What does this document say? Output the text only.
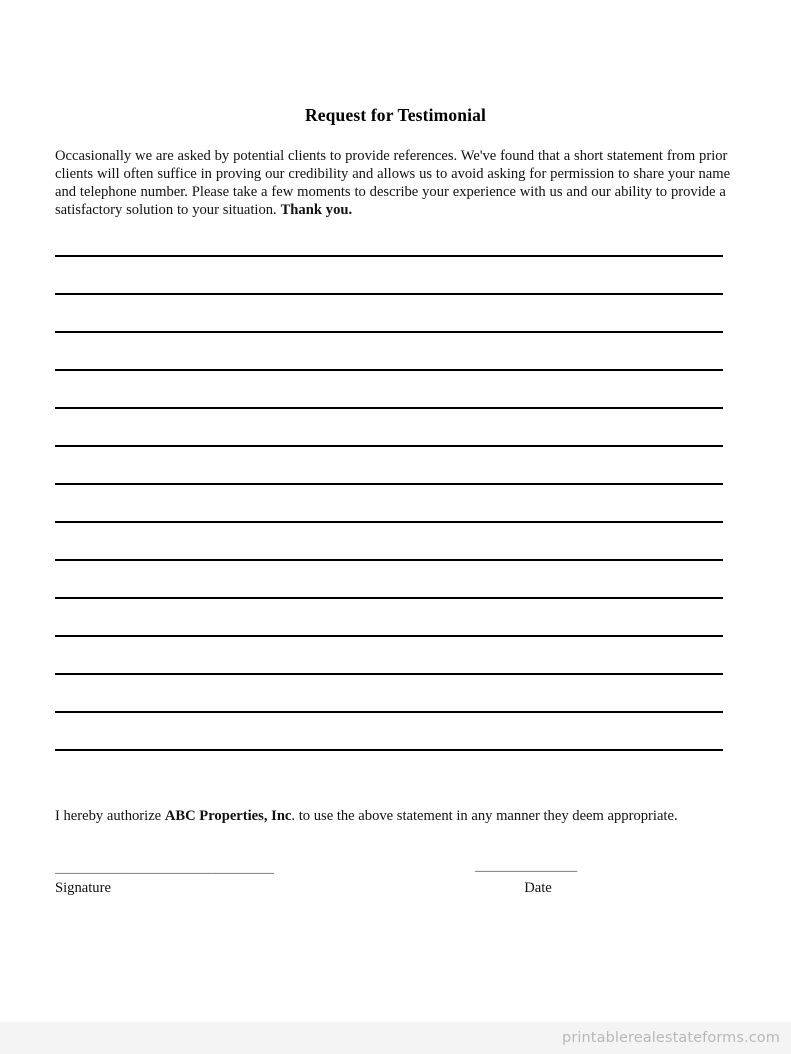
Request for Testimonial

Occasionally we are asked by potential clients to provide references. We've found that a short statement from prior clients will often suffice in proving our credibility and allows us to avoid asking for permission to share your name and telephone number. Please take a few moments to describe your experience with us and our ability to provide a satisfactory solution to your situation. Thank you.

I hereby authorize ABC Properties, Inc. to use the above statement in any manner they deem appropriate.

______________________________
Signature
______________
Date
printablerealestateforms.com
